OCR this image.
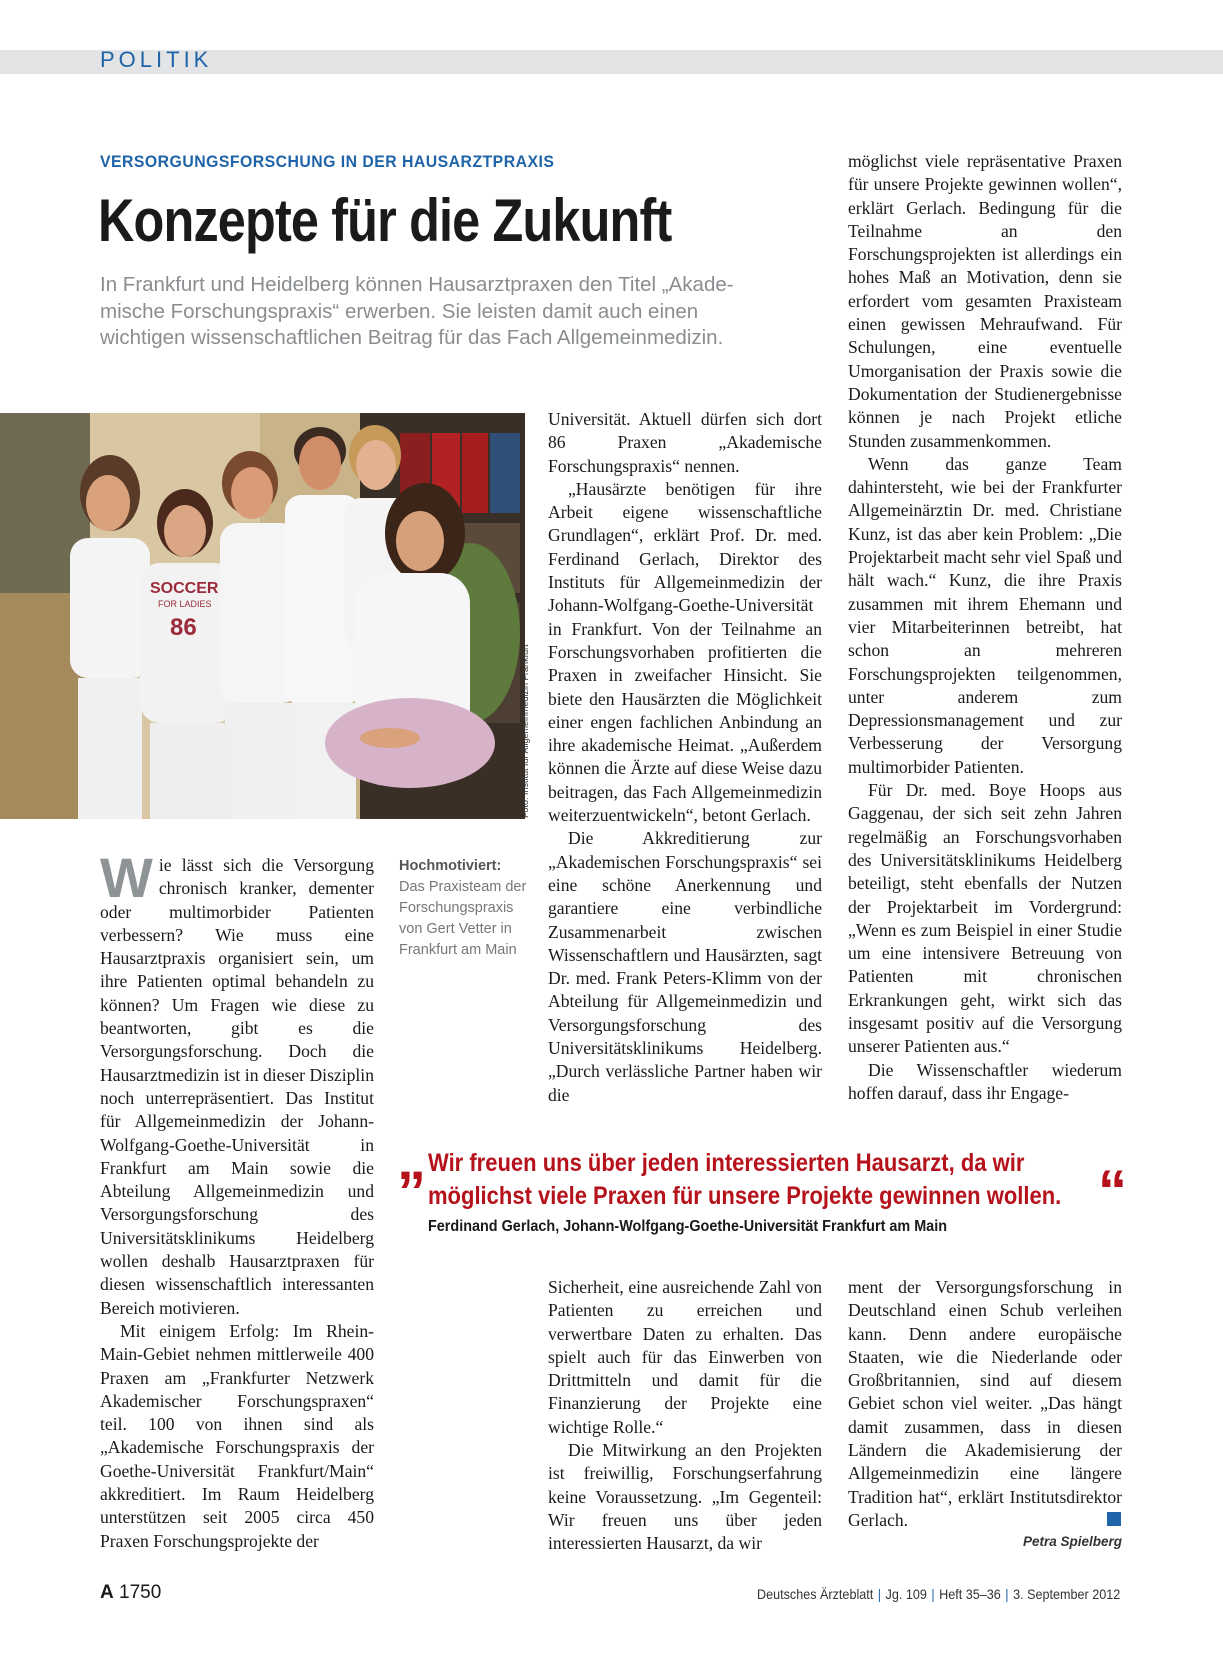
POLITIK
VERSORGUNGSFORSCHUNG IN DER HAUSARZTPRAXIS
Konzepte für die Zukunft
In Frankfurt und Heidelberg können Hausarztpraxen den Titel „Akade-
mische Forschungspraxis“ erwerben. Sie leisten damit auch einen
wichtigen wissenschaftlichen Beitrag für das Fach Allgemeinmedizin.
SOCCER
FOR LADIES
86
Foto: Institut für Allgemeinmedizin Frankfurt
Hochmotiviert:
Das Praxisteam der Forschungspraxis von Gert Vetter in Frankfurt am Main

Wie lässt sich die Versorgung chronisch kranker, dementer oder multimorbider Patienten verbessern? Wie muss eine Hausarztpraxis organisiert sein, um ihre Patienten optimal behandeln zu können? Um Fragen wie diese zu beantworten, gibt es die Versorgungsforschung. Doch die Hausarztmedizin ist in dieser Disziplin noch unterrepräsentiert. Das Institut für Allgemeinmedizin der Johann-Wolfgang-Goethe-Universität in Frankfurt am Main sowie die Abteilung Allgemeinmedizin und Versorgungsforschung des Universitätsklinikums Heidelberg wollen deshalb Hausarztpraxen für diesen wissenschaftlich interessanten Bereich motivieren.

Mit einigem Erfolg: Im Rhein-Main-Gebiet nehmen mittlerweile 400 Praxen am „Frankfurter Netzwerk Akademischer Forschungspraxen“ teil. 100 von ihnen sind als „Akademische Forschungspraxis der Goethe-Universität Frankfurt/Main“ akkreditiert. Im Raum Heidelberg unterstützen seit 2005 circa 450 Praxen Forschungsprojekte der

Universität. Aktuell dürfen sich dort 86 Praxen „Akademische Forschungspraxis“ nennen.

„Hausärzte benötigen für ihre Arbeit eigene wissenschaftliche Grundlagen“, erklärt Prof. Dr. med. Ferdinand Gerlach, Direktor des Instituts für Allgemeinmedizin der Johann-Wolfgang-Goethe-Universität in Frankfurt. Von der Teilnahme an Forschungsvorhaben profitierten die Praxen in zweifacher Hinsicht. Sie biete den Hausärzten die Möglichkeit einer engen fachlichen Anbindung an ihre akademische Heimat. „Außerdem können die Ärzte auf diese Weise dazu beitragen, das Fach Allgemeinmedizin weiterzuentwickeln“, betont Gerlach.

Die Akkreditierung zur „Akademischen Forschungspraxis“ sei eine schöne Anerkennung und garantiere eine verbindliche Zusammenarbeit zwischen Wissenschaftlern und Hausärzten, sagt Dr. med. Frank Peters-Klimm von der Abteilung für Allgemeinmedizin und Versorgungsforschung des Universitätsklinikums Heidelberg. „Durch verlässliche Partner haben wir die

möglichst viele repräsentative Praxen für unsere Projekte gewinnen wollen“, erklärt Gerlach. Bedingung für die Teilnahme an den Forschungsprojekten ist allerdings ein hohes Maß an Motivation, denn sie erfordert vom gesamten Praxisteam einen gewissen Mehraufwand. Für Schulungen, eine eventuelle Umorganisation der Praxis sowie die Dokumentation der Studienergebnisse können je nach Projekt etliche Stunden zusammenkommen.

Wenn das ganze Team dahintersteht, wie bei der Frankfurter Allgemeinärztin Dr. med. Christiane Kunz, ist das aber kein Problem: „Die Projektarbeit macht sehr viel Spaß und hält wach.“ Kunz, die ihre Praxis zusammen mit ihrem Ehemann und vier Mitarbeiterinnen betreibt, hat schon an mehreren Forschungsprojekten teilgenommen, unter anderem zum Depressionsmanagement und zur Verbesserung der Versorgung multimorbider Patienten.

Für Dr. med. Boye Hoops aus Gaggenau, der sich seit zehn Jahren regelmäßig an Forschungsvorhaben des Universitätsklinikums Heidelberg beteiligt, steht ebenfalls der Nutzen der Projektarbeit im Vordergrund: „Wenn es zum Beispiel in einer Studie um eine intensivere Betreuung von Patienten mit chronischen Erkrankungen geht, wirkt sich das insgesamt positiv auf die Versorgung unserer Patienten aus.“

Die Wissenschaftler wiederum hoffen darauf, dass ihr Engage-

„ Wir freuen uns über jeden interessierten Hausarzt, da wir
möglichst viele Praxen für unsere Projekte gewinnen wollen. “
Ferdinand Gerlach, Johann-Wolfgang-Goethe-Universität Frankfurt am Main

Sicherheit, eine ausreichende Zahl von Patienten zu erreichen und verwertbare Daten zu erhalten. Das spielt auch für das Einwerben von Drittmitteln und damit für die Finanzierung der Projekte eine wichtige Rolle.“

Die Mitwirkung an den Projekten ist freiwillig, Forschungserfahrung keine Voraussetzung. „Im Gegenteil: Wir freuen uns über jeden interessierten Hausarzt, da wir

ment der Versorgungsforschung in Deutschland einen Schub verleihen kann. Denn andere europäische Staaten, wie die Niederlande oder Großbritannien, sind auf diesem Gebiet schon viel weiter. „Das hängt damit zusammen, dass in diesen Ländern die Akademisierung der Allgemeinmedizin eine längere Tradition hat“, erklärt Institutsdirektor Gerlach.

Petra Spielberg
A 1750	Deutsches Ärzteblatt | Jg. 109 | Heft 35–36 | 3. September 2012
